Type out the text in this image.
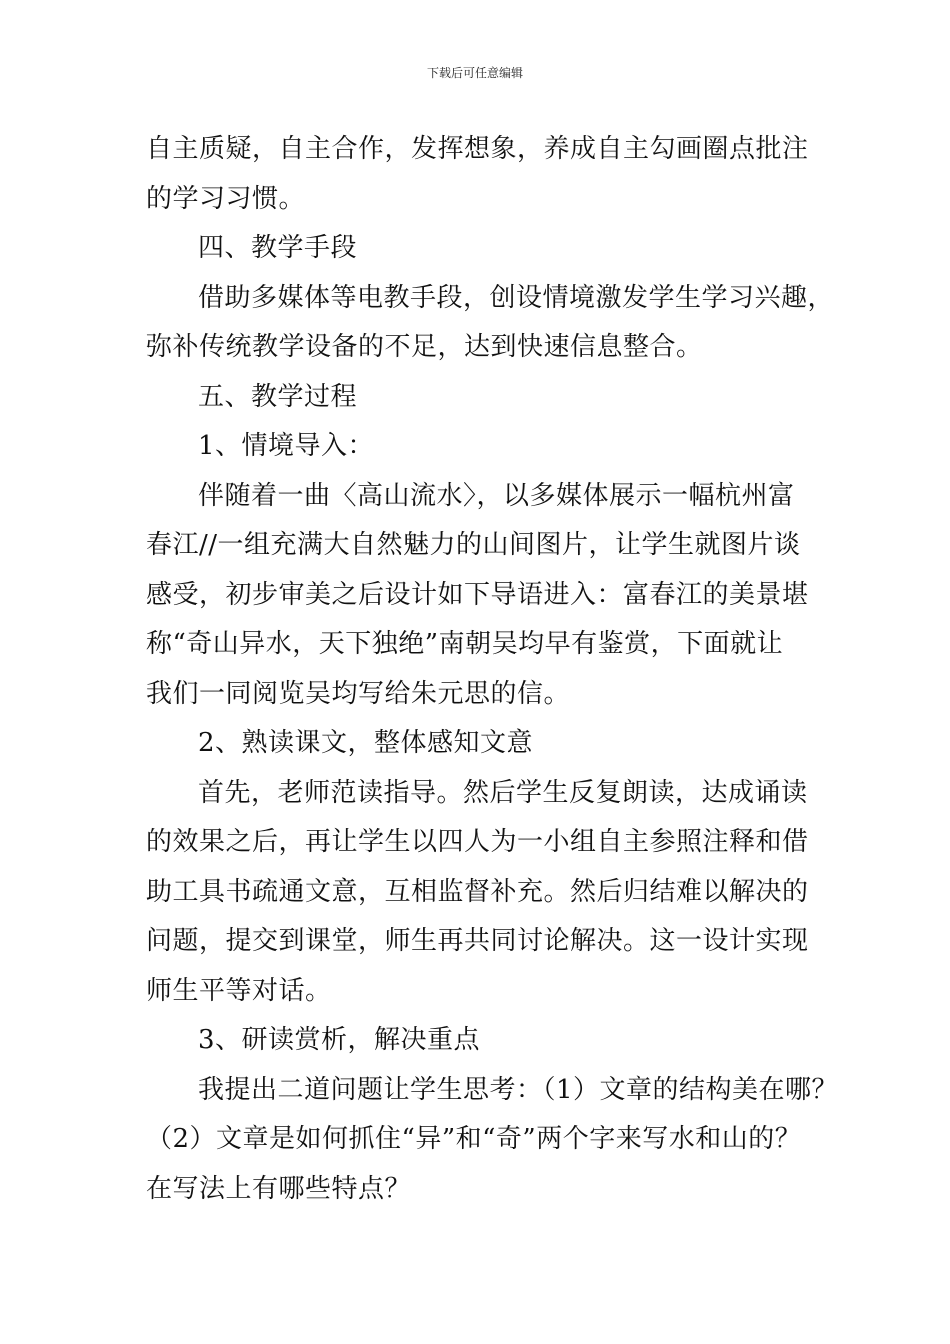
下载后可任意编辑
自主质疑，自主合作，发挥想象，养成自主勾画圈点批注
的学习习惯。
四、教学手段
借助多媒体等电教手段，创设情境激发学生学习兴趣，
弥补传统教学设备的不足，达到快速信息整合。
五、教学过程
1、情境导入：
伴随着一曲〈高山流水〉，以多媒体展示一幅杭州富
春江//一组充满大自然魅力的山间图片，让学生就图片谈
感受，初步审美之后设计如下导语进入：富春江的美景堪
称“奇山异水，天下独绝”南朝吴均早有鉴赏，下面就让
我们一同阅览吴均写给朱元思的信。
2、熟读课文，整体感知文意
首先，老师范读指导。然后学生反复朗读，达成诵读
的效果之后，再让学生以四人为一小组自主参照注释和借
助工具书疏通文意，互相监督补充。然后归结难以解决的
问题，提交到课堂，师生再共同讨论解决。这一设计实现
师生平等对话。
3、研读赏析，解决重点
我提出二道问题让学生思考：（1）文章的结构美在哪？
（2）文章是如何抓住“异”和“奇”两个字来写水和山的？
在写法上有哪些特点？
